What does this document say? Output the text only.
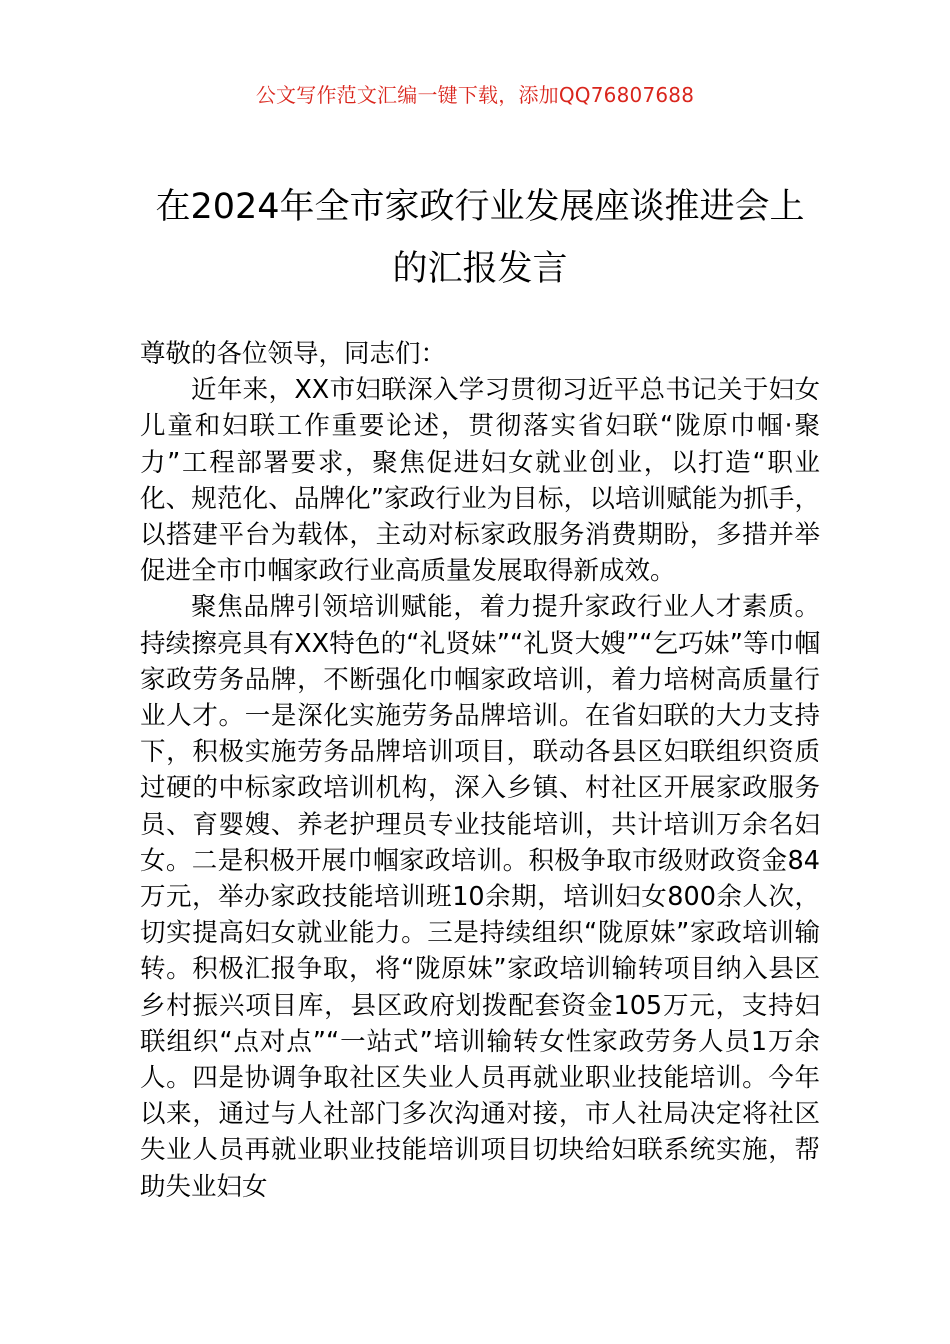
公文写作范文汇编一键下载，添加QQ76807688
在2024年全市家政行业发展座谈推进会上的汇报发言

尊敬的各位领导，同志们：

近年来，XX市妇联深入学习贯彻习近平总书记关于妇女儿童和妇联工作重要论述，贯彻落实省妇联“陇原巾帼·聚力”工程部署要求，聚焦促进妇女就业创业，以打造“职业化、规范化、品牌化”家政行业为目标，以培训赋能为抓手，以搭建平台为载体，主动对标家政服务消费期盼，多措并举促进全市巾帼家政行业高质量发展取得新成效。

聚焦品牌引领培训赋能，着力提升家政行业人才素质。持续擦亮具有XX特色的“礼贤妹”“礼贤大嫂”“乞巧妹”等巾帼家政劳务品牌，不断强化巾帼家政培训，着力培树高质量行业人才。一是深化实施劳务品牌培训。在省妇联的大力支持下，积极实施劳务品牌培训项目，联动各县区妇联组织资质过硬的中标家政培训机构，深入乡镇、村社区开展家政服务员、育婴嫂、养老护理员专业技能培训，共计培训万余名妇女。二是积极开展巾帼家政培训。积极争取市级财政资金84万元，举办家政技能培训班10余期，培训妇女800余人次，切实提高妇女就业能力。三是持续组织“陇原妹”家政培训输转。积极汇报争取，将“陇原妹”家政培训输转项目纳入县区乡村振兴项目库，县区政府划拨配套资金105万元，支持妇联组织“点对点”“一站式”培训输转女性家政劳务人员1万余人。四是协调争取社区失业人员再就业职业技能培训。今年以来，通过与人社部门多次沟通对接，市人社局决定将社区失业人员再就业职业技能培训项目切块给妇联系统实施，帮助失业妇女
